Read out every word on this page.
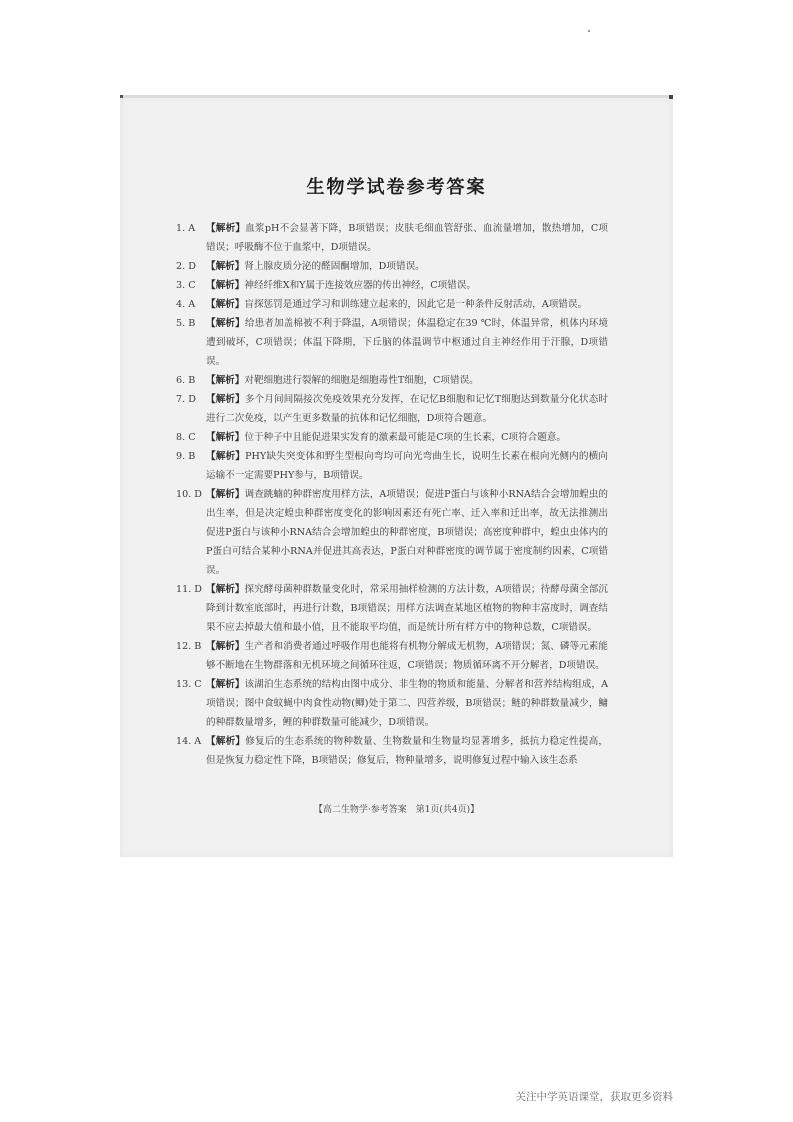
生物学试卷参考答案
1. A	【解析】血浆pH不会显著下降，B项错误；皮肤毛细血管舒张、血流量增加，散热增加，C项错误；呼吸酶不位于血浆中，D项错误。
2. D	【解析】肾上腺皮质分泌的醛固酮增加，D项错误。
3. C	【解析】神经纤维X和Y属于连接效应器的传出神经，C项错误。
4. A	【解析】盲探惩罚是通过学习和训练建立起来的，因此它是一种条件反射活动，A项错误。
5. B	【解析】给患者加盖棉被不利于降温，A项错误；体温稳定在39 ℃时，体温异常，机体内环境遭到破坏，C项错误；体温下降期，下丘脑的体温调节中枢通过自主神经作用于汗腺，D项错误。
6. B	【解析】对靶细胞进行裂解的细胞是细胞毒性T细胞，C项错误。
7. D	【解析】多个月间间隔接次免疫效果充分发挥，在记忆B细胞和记忆T细胞达到数量分化状态时进行二次免疫，以产生更多数量的抗体和记忆细胞，D项符合题意。
8. C	【解析】位于种子中且能促进果实发育的激素最可能是C项的生长素，C项符合题意。
9. B	【解析】PHY缺失突变体和野生型根向弯均可向光弯曲生长，说明生长素在根向光侧内的横向运输不一定需要PHY参与，B项错误。
10. D 【解析】调查跳蝻的种群密度用样方法，A项错误；促进P蛋白与该种小RNA结合会增加蝗虫的出生率，但是决定蝗虫种群密度变化的影响因素还有死亡率、迁入率和迁出率，故无法推测出促进P蛋白与该种小RNA结合会增加蝗虫的种群密度，B项错误；高密度种群中，蝗虫虫体内的P蛋白可结合某种小RNA并促进其高表达，P蛋白对种群密度的调节属于密度制约因素，C项错误。
11. D 【解析】探究酵母菌种群数量变化时，常采用抽样检测的方法计数，A项错误；待酵母菌全部沉降到计数室底部时，再进行计数，B项错误；用样方法调查某地区植物的物种丰富度时，调查结果不应去掉最大值和最小值，且不能取平均值，而是统计所有样方中的物种总数，C项错误。
12. B 【解析】生产者和消费者通过呼吸作用也能将有机物分解成无机物，A项错误；氮、磷等元素能够不断地在生物群落和无机环境之间循环往返，C项错误；物质循环离不开分解者，D项错误。
13. C 【解析】该湖泊生态系统的结构由图中成分、非生物的物质和能量、分解者和营养结构组成，A项错误；图中食蚊蝇中肉食性动物(鲫)处于第二、四营养级，B项错误；鲢的种群数量减少，鳙的种群数量增多，鲤的种群数量可能减少，D项错误。
14. A 【解析】修复后的生态系统的物种数量、生物数量和生物量均显著增多，抵抗力稳定性提高，但是恢复力稳定性下降，B项错误；修复后，物种量增多，说明修复过程中输入该生态系
【高二生物学·参考答案　第1页(共4页)】
关注中学英语课堂，获取更多资料
